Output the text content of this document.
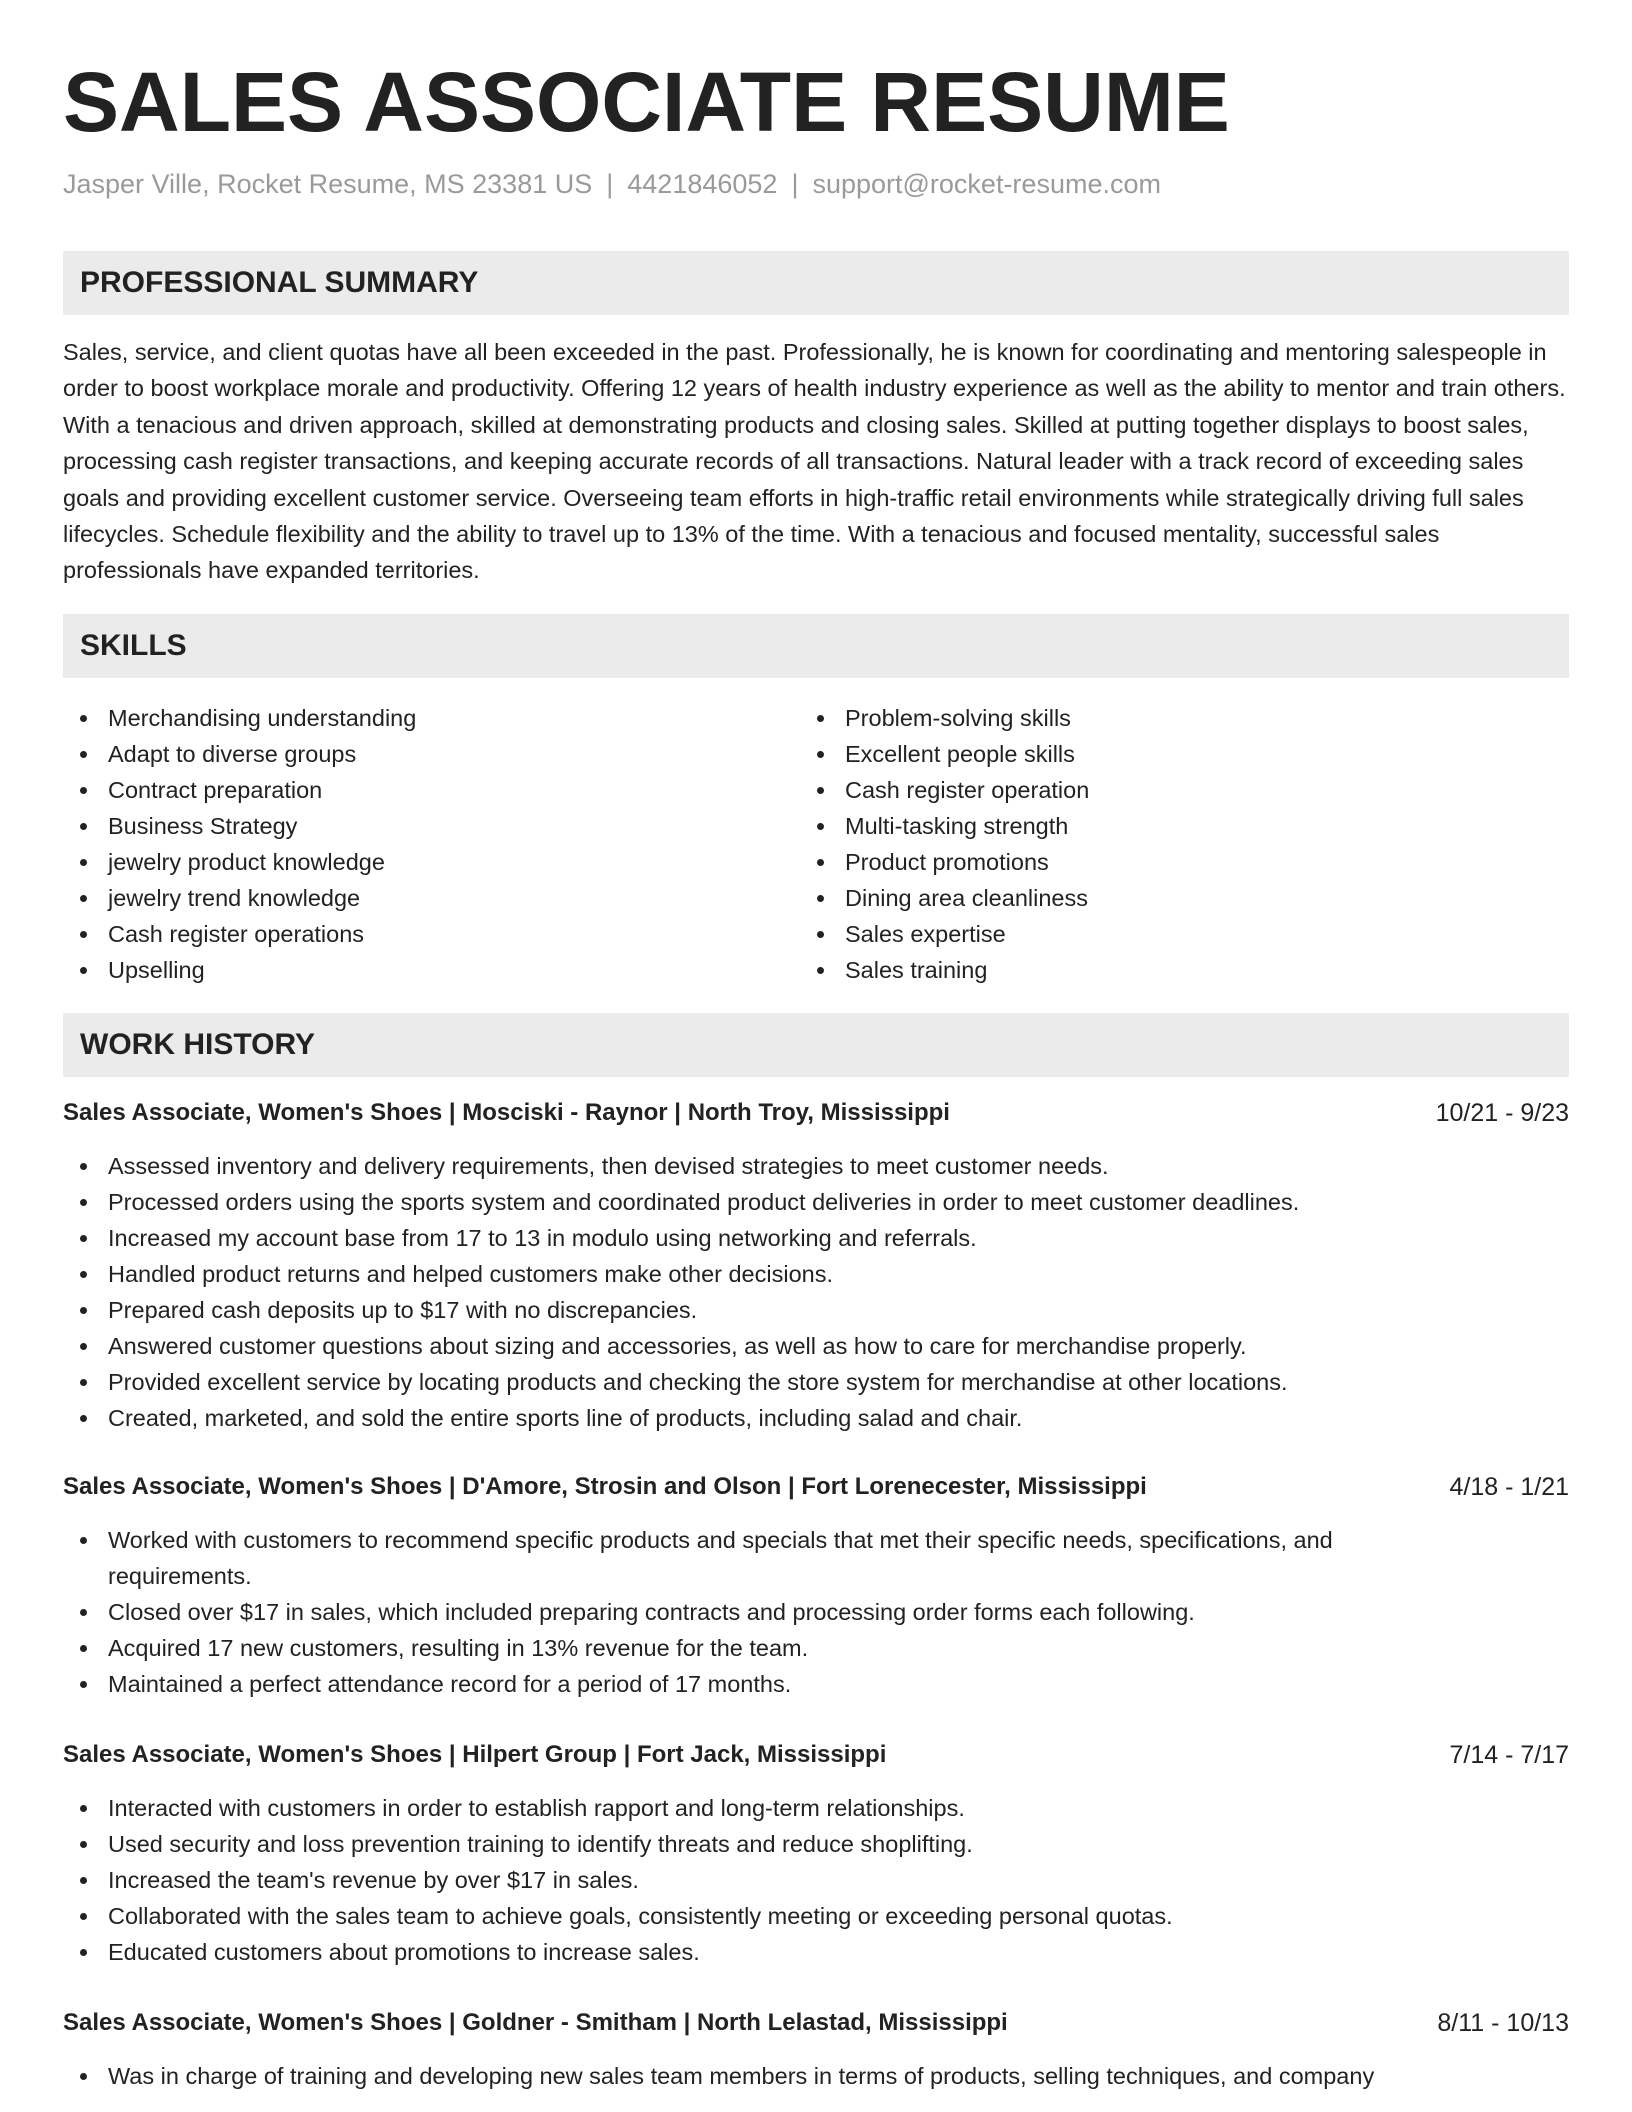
SALES ASSOCIATE RESUME
Jasper Ville, Rocket Resume, MS 23381 US | 4421846052 | support@rocket-resume.com
PROFESSIONAL SUMMARY

Sales, service, and client quotas have all been exceeded in the past. Professionally, he is known for coordinating and mentoring salespeople in order to boost workplace morale and productivity. Offering 12 years of health industry experience as well as the ability to mentor and train others. With a tenacious and driven approach, skilled at demonstrating products and closing sales. Skilled at putting together displays to boost sales, processing cash register transactions, and keeping accurate records of all transactions. Natural leader with a track record of exceeding sales goals and providing excellent customer service. Overseeing team efforts in high-traffic retail environments while strategically driving full sales lifecycles. Schedule flexibility and the ability to travel up to 13% of the time. With a tenacious and focused mentality, successful sales professionals have expanded territories.

SKILLS
Merchandising understanding
Adapt to diverse groups
Contract preparation
Business Strategy
jewelry product knowledge
jewelry trend knowledge
Cash register operations
Upselling
Problem-solving skills
Excellent people skills
Cash register operation
Multi-tasking strength
Product promotions
Dining area cleanliness
Sales expertise
Sales training
WORK HISTORY
Sales Associate, Women's Shoes | Mosciski - Raynor | North Troy, Mississippi	10/21 - 9/23
Assessed inventory and delivery requirements, then devised strategies to meet customer needs.
Processed orders using the sports system and coordinated product deliveries in order to meet customer deadlines.
Increased my account base from 17 to 13 in modulo using networking and referrals.
Handled product returns and helped customers make other decisions.
Prepared cash deposits up to $17 with no discrepancies.
Answered customer questions about sizing and accessories, as well as how to care for merchandise properly.
Provided excellent service by locating products and checking the store system for merchandise at other locations.
Created, marketed, and sold the entire sports line of products, including salad and chair.
Sales Associate, Women's Shoes | D'Amore, Strosin and Olson | Fort Lorenecester, Mississippi	4/18 - 1/21
Worked with customers to recommend specific products and specials that met their specific needs, specifications, and requirements.
Closed over $17 in sales, which included preparing contracts and processing order forms each following.
Acquired 17 new customers, resulting in 13% revenue for the team.
Maintained a perfect attendance record for a period of 17 months.
Sales Associate, Women's Shoes | Hilpert Group | Fort Jack, Mississippi	7/14 - 7/17
Interacted with customers in order to establish rapport and long-term relationships.
Used security and loss prevention training to identify threats and reduce shoplifting.
Increased the team's revenue by over $17 in sales.
Collaborated with the sales team to achieve goals, consistently meeting or exceeding personal quotas.
Educated customers about promotions to increase sales.
Sales Associate, Women's Shoes | Goldner - Smitham | North Lelastad, Mississippi	8/11 - 10/13
Was in charge of training and developing new sales team members in terms of products, selling techniques, and company
